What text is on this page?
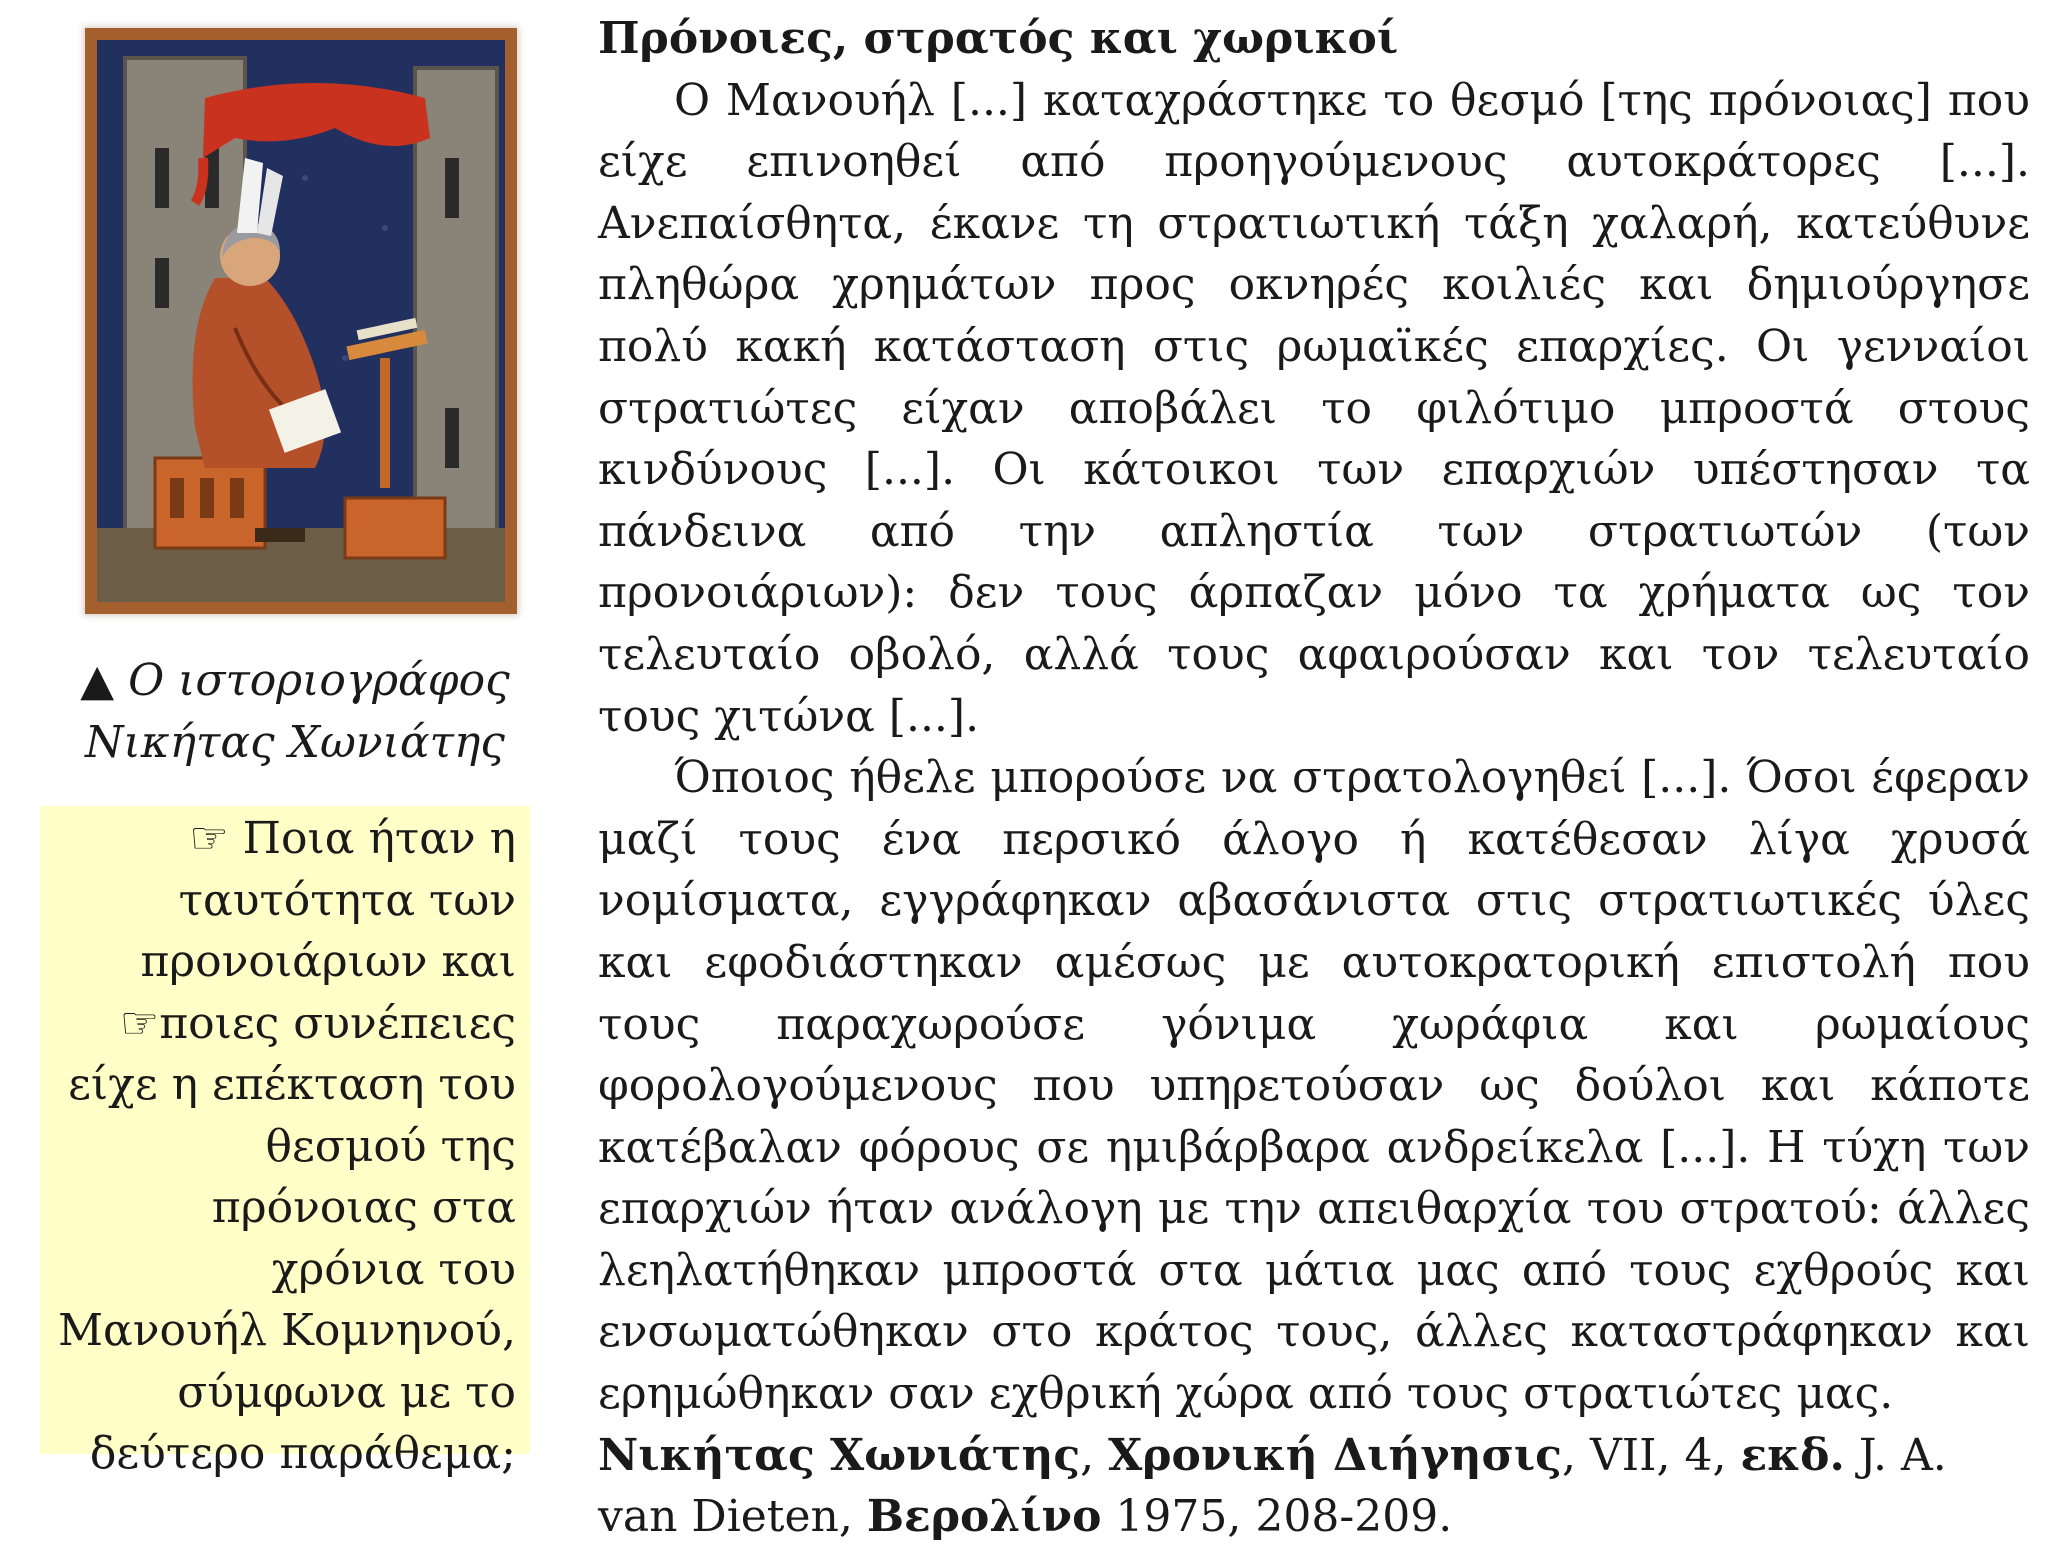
▲ Ο ιστοριογράφος
Νικήτας Χωνιάτης
☞ Ποια ήταν η
ταυτότητα των
προνοιάριων και
☞ποιες συνέπειες
είχε η επέκταση του
θεσμού της
πρόνοιας στα
χρόνια του
Μανουήλ Κομνηνού,
σύμφωνα με το
δεύτερο παράθεμα;

Πρόνοιες, στρατός και χωρικοί

Ο Μανουήλ [...] καταχράστηκε το θεσμό [της πρόνοιας] που είχε επινοηθεί από προηγούμενους αυτοκράτορες [...]. Ανεπαίσθητα, έκανε τη στρατιωτική τάξη χαλαρή, κατεύθυνε πληθώρα χρημάτων προς οκνηρές κοιλιές και δημιούργησε πολύ κακή κατάσταση στις ρωμαϊκές επαρχίες. Οι γενναίοι στρατιώτες είχαν αποβάλει το φιλότιμο μπροστά στους κινδύνους [...]. Οι κάτοικοι των επαρχιών υπέστησαν τα πάνδεινα από την απληστία των στρατιωτών (των προνοιάριων): δεν τους άρπαζαν μόνο τα χρήματα ως τον τελευταίο οβολό, αλλά τους αφαιρούσαν και τον τελευταίο τους χιτώνα [...].

Όποιος ήθελε μπορούσε να στρατολογηθεί [...]. Όσοι έφεραν μαζί τους ένα περσικό άλογο ή κατέθεσαν λίγα χρυσά νομίσματα, εγγράφηκαν αβασάνιστα στις στρατιωτικές ύλες και εφοδιάστηκαν αμέσως με αυτοκρατορική επιστολή που τους παραχωρούσε γόνιμα χωράφια και ρωμαίους φορολογούμενους που υπηρετούσαν ως δούλοι και κάποτε κατέβαλαν φόρους σε ημιβάρβαρα ανδρείκελα [...]. Η τύχη των επαρχιών ήταν ανάλογη με την απειθαρχία του στρατού: άλλες λεηλατήθηκαν μπροστά στα μάτια μας από τους εχθρούς και ενσωματώθηκαν στο κράτος τους, άλλες καταστράφηκαν και ερημώθηκαν σαν εχθρική χώρα από τους στρατιώτες μας.

Νικήτας Χωνιάτης, Χρονική Διήγησις, VII, 4, εκδ. J. A. van Dieten, Βερολίνο 1975, 208-209.
